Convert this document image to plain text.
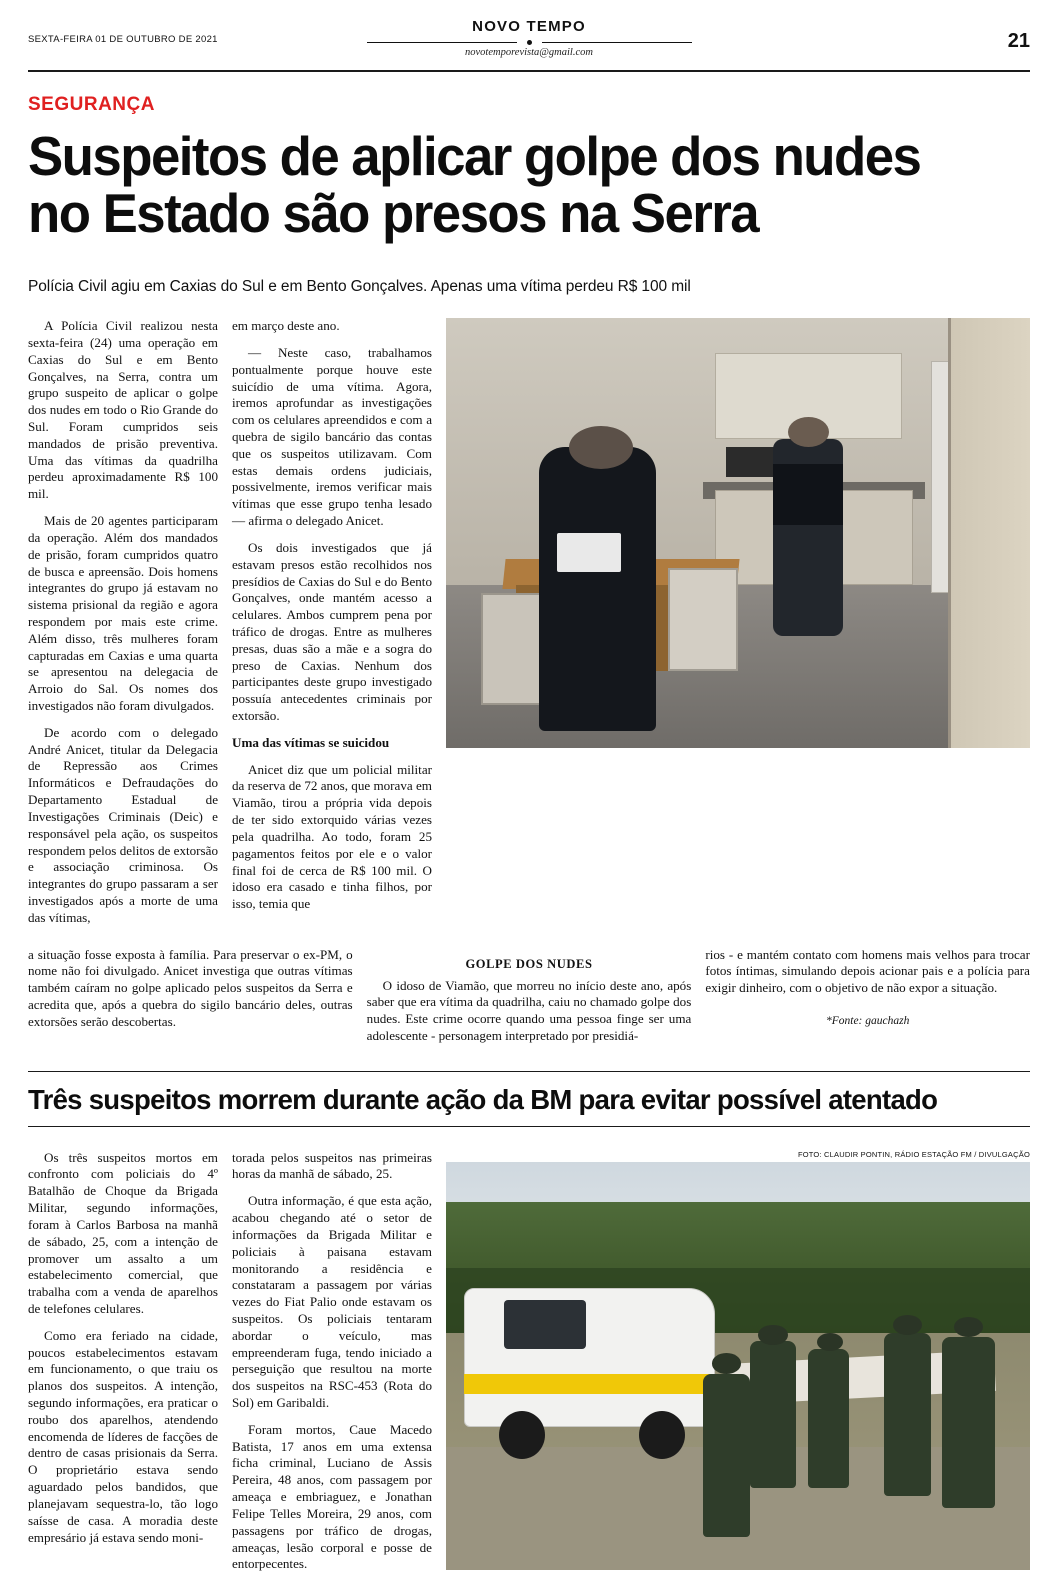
SEXTA-FEIRA 01 DE OUTUBRO DE 2021
NOVO TEMPO
novotemporevista@gmail.com
21
SEGURANÇA
Suspeitos de aplicar golpe dos nudes no Estado são presos na Serra
Polícia Civil agiu em Caxias do Sul e em Bento Gonçalves. Apenas uma vítima perdeu R$ 100 mil

A Polícia Civil realizou nesta sexta-feira (24) uma operação em Caxias do Sul e em Bento Gonçalves, na Serra, contra um grupo suspeito de aplicar o golpe dos nudes em todo o Rio Grande do Sul. Foram cumpridos seis mandados de prisão preventiva. Uma das vítimas da quadrilha perdeu aproximadamente R$ 100 mil.

Mais de 20 agentes participaram da operação. Além dos mandados de prisão, foram cumpridos quatro de busca e apreensão. Dois homens integrantes do grupo já estavam no sistema prisional da região e agora respondem por mais este crime. Além disso, três mulheres foram capturadas em Caxias e uma quarta se apresentou na delegacia de Arroio do Sal. Os nomes dos investigados não foram divulgados.

De acordo com o delegado André Anicet, titular da Delegacia de Repressão aos Crimes Informáticos e Defraudações do Departamento Estadual de Investigações Criminais (Deic) e responsável pela ação, os suspeitos respondem pelos delitos de extorsão e associação criminosa. Os integrantes do grupo passaram a ser investigados após a morte de uma das vítimas,

em março deste ano.

— Neste caso, trabalhamos pontualmente porque houve este suicídio de uma vítima. Agora, iremos aprofundar as investigações com os celulares apreendidos e com a quebra de sigilo bancário das contas que os suspeitos utilizavam. Com estas demais ordens judiciais, possivelmente, iremos verificar mais vítimas que esse grupo tenha lesado — afirma o delegado Anicet.

Os dois investigados que já estavam presos estão recolhidos nos presídios de Caxias do Sul e do Bento Gonçalves, onde mantém acesso a celulares. Ambos cumprem pena por tráfico de drogas. Entre as mulheres presas, duas são a mãe e a sogra do preso de Caxias. Nenhum dos participantes deste grupo investigado possuía antecedentes criminais por extorsão.

Uma das vítimas se suicidou

Anicet diz que um policial militar da reserva de 72 anos, que morava em Viamão, tirou a própria vida depois de ter sido extorquido várias vezes pela quadrilha. Ao todo, foram 25 pagamentos feitos por ele e o valor final foi de cerca de R$ 100 mil. O idoso era casado e tinha filhos, por isso, temia que

a situação fosse exposta à família. Para preservar o ex-PM, o nome não foi divulgado. Anicet investiga que outras vítimas também caíram no golpe aplicado pelos suspeitos da Serra e acredita que, após a quebra do sigilo bancário deles, outras extorsões serão descobertas.

GOLPE DOS NUDES

O idoso de Viamão, que morreu no início deste ano, após saber que era vítima da quadrilha, caiu no chamado golpe dos nudes. Este crime ocorre quando uma pessoa finge ser uma adolescente - personagem interpretado por presidiá-

rios - e mantém contato com homens mais velhos para trocar fotos íntimas, simulando depois acionar pais e a polícia para exigir dinheiro, com o objetivo de não expor a situação.

*Fonte: gauchazh
Três suspeitos morrem durante ação da BM para evitar possível atentado

Os três suspeitos mortos em confronto com policiais do 4º Batalhão de Choque da Brigada Militar, segundo informações, foram à Carlos Barbosa na manhã de sábado, 25, com a intenção de promover um assalto a um estabelecimento comercial, que trabalha com a venda de aparelhos de telefones celulares.

Como era feriado na cidade, poucos estabelecimentos estavam em funcionamento, o que traiu os planos dos suspeitos. A intenção, segundo informações, era praticar o roubo dos aparelhos, atendendo encomenda de líderes de facções de dentro de casas prisionais da Serra. O proprietário estava sendo aguardado pelos bandidos, que planejavam sequestra-lo, tão logo saísse de casa. A moradia deste empresário já estava sendo moni-

torada pelos suspeitos nas primeiras horas da manhã de sábado, 25.

Outra informação, é que esta ação, acabou chegando até o setor de informações da Brigada Militar e policiais à paisana estavam monitorando a residência e constataram a passagem por várias vezes do Fiat Palio onde estavam os suspeitos. Os policiais tentaram abordar o veículo, mas empreenderam fuga, tendo iniciado a perseguição que resultou na morte dos suspeitos na RSC-453 (Rota do Sol) em Garibaldi.

Foram mortos, Caue Macedo Batista, 17 anos em uma extensa ficha criminal, Luciano de Assis Pereira, 48 anos, com passagem por ameaça e embriaguez, e Jonathan Felipe Telles Moreira, 29 anos, com passagens por tráfico de drogas, ameaças, lesão corporal e posse de entorpecentes.

FOTO: CLAUDIR PONTIN, RÁDIO ESTAÇÃO FM / DIVULGAÇÃO
